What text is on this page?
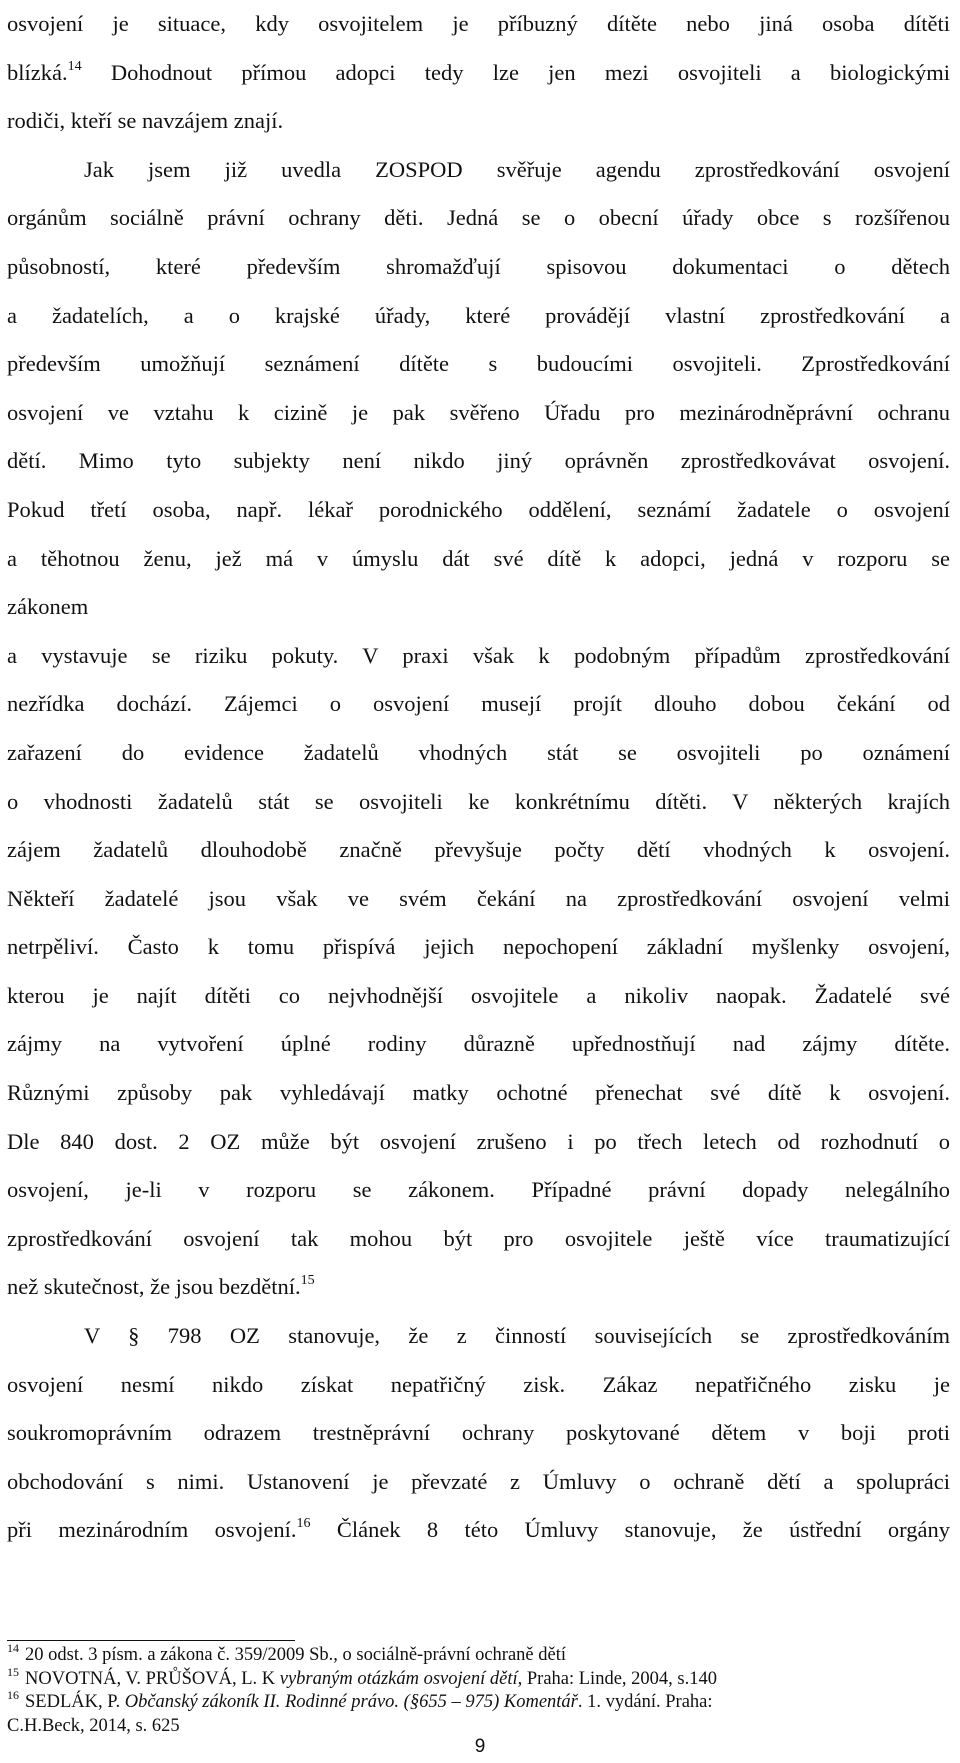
osvojení je situace, kdy osvojitelem je příbuzný dítěte nebo jiná osoba dítěti
blízká.$^{14}$ Dohodnout přímou adopci tedy lze jen mezi osvojiteli a biologickými
rodiči, kteří se navzájem znají.
Jak jsem již uvedla ZOSPOD svěřuje agendu zprostředkování osvojení
orgánům sociálně právní ochrany děti. Jedná se o obecní úřady obce s rozšířenou
působností, které především shromažďují spisovou dokumentaci o dětech
a žadatelích, a o krajské úřady, které provádějí vlastní zprostředkování a
především umožňují seznámení dítěte s budoucími osvojiteli. Zprostředkování
osvojení ve vztahu k cizině je pak svěřeno Úřadu pro mezinárodněprávní ochranu
dětí. Mimo tyto subjekty není nikdo jiný oprávněn zprostředkovávat osvojení.
Pokud třetí osoba, např. lékař porodnického oddělení, seznámí žadatele o osvojení
a těhotnou ženu, jež má v úmyslu dát své dítě k adopci, jedná v rozporu se
zákonem
a vystavuje se riziku pokuty. V praxi však k podobným případům zprostředkování
nezřídka dochází. Zájemci o osvojení musejí projít dlouho dobou čekání od
zařazení do evidence žadatelů vhodných stát se osvojiteli po oznámení
o vhodnosti žadatelů stát se osvojiteli ke konkrétnímu dítěti. V některých krajích
zájem žadatelů dlouhodobě značně převyšuje počty dětí vhodných k osvojení.
Někteří žadatelé jsou však ve svém čekání na zprostředkování osvojení velmi
netrpěliví. Často k tomu přispívá jejich nepochopení základní myšlenky osvojení,
kterou je najít dítěti co nejvhodnější osvojitele a nikoliv naopak. Žadatelé své
zájmy na vytvoření úplné rodiny důrazně upřednostňují nad zájmy dítěte.
Různými způsoby pak vyhledávají matky ochotné přenechat své dítě k osvojení.
Dle 840 dost. 2 OZ může být osvojení zrušeno i po třech letech od rozhodnutí o
osvojení, je-li v rozporu se zákonem. Případné právní dopady nelegálního
zprostředkování osvojení tak mohou být pro osvojitele ještě více traumatizující
než skutečnost, že jsou bezdětní.$^{15}$
V § 798 OZ stanovuje, že z činností souvisejících se zprostředkováním
osvojení nesmí nikdo získat nepatřičný zisk. Zákaz nepatřičného zisku je
soukromoprávním odrazem trestněprávní ochrany poskytované dětem v boji proti
obchodování s nimi. Ustanovení je převzaté z Úmluvy o ochraně dětí a spolupráci
při mezinárodním osvojení.$^{16}$ Článek 8 této Úmluvy stanovuje, že ústřední orgány
$^{14}$ 20 odst. 3 písm. a zákona č. 359/2009 Sb., o sociálně-právní ochraně dětí
$^{15}$ NOVOTNÁ, V. PRŮŠOVÁ, L. K vybraným otázkám osvojení dětí, Praha: Linde, 2004, s.140
$^{16}$ SEDLÁK, P. Občanský zákoník II. Rodinné právo. (§655 – 975) Komentář. 1. vydání. Praha:
C.H.Beck, 2014, s. 625
9
